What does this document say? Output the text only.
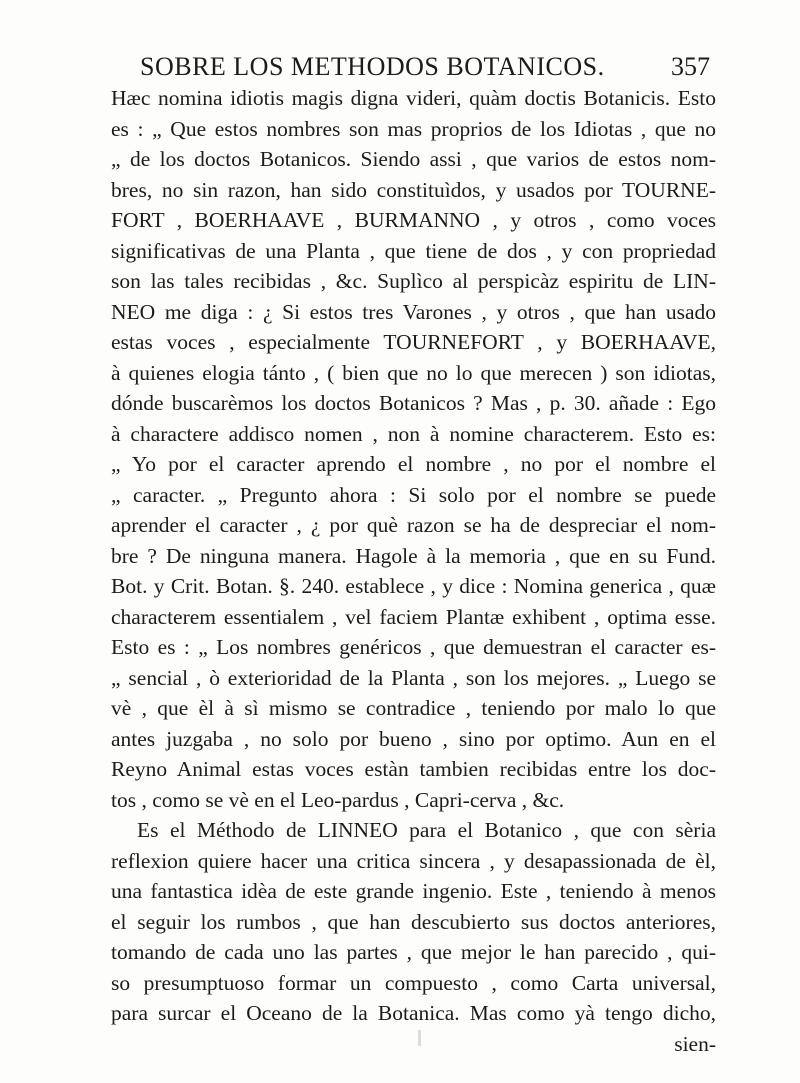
SOBRE LOS METHODOS BOTANICOS.	357
Hæc nomina idiotis magis digna videri, quàm doctis Botanicis. Esto
es : „ Que estos nombres son mas proprios de los Idiotas , que no
„ de los doctos Botanicos. Siendo assi , que varios de estos nom-
bres, no sin razon, han sido constituìdos, y usados por TOURNE-
FORT , BOERHAAVE , BURMANNO , y otros , como voces
significativas de una Planta , que tiene de dos , y con propriedad
son las tales recibidas , &c. Suplìco al perspicàz espiritu de LIN-
NEO me diga : ¿ Si estos tres Varones , y otros , que han usado
estas voces , especialmente TOURNEFORT , y BOERHAAVE,
à quienes elogia tánto , ( bien que no lo que merecen ) son idiotas,
dónde buscarèmos los doctos Botanicos ? Mas , p. 30. añade : Ego
à charactere addisco nomen , non à nomine characterem. Esto es:
„ Yo por el caracter aprendo el nombre , no por el nombre el
„ caracter. „ Pregunto ahora : Si solo por el nombre se puede
aprender el caracter , ¿ por què razon se ha de despreciar el nom-
bre ? De ninguna manera. Hagole à la memoria , que en su Fund.
Bot. y Crit. Botan. §. 240. establece , y dice : Nomina generica , quæ
characterem essentialem , vel faciem Plantæ exhibent , optima esse.
Esto es : „ Los nombres genéricos , que demuestran el caracter es-
„ sencial , ò exterioridad de la Planta , son los mejores. „ Luego se
vè , que èl à sì mismo se contradice , teniendo por malo lo que
antes juzgaba , no solo por bueno , sino por optimo. Aun en el
Reyno Animal estas voces estàn tambien recibidas entre los doc-
tos , como se vè en el Leo-pardus , Capri-cerva , &c.
Es el Méthodo de LINNEO para el Botanico , que con sèria
reflexion quiere hacer una critica sincera , y desapassionada de èl,
una fantastica idèa de este grande ingenio. Este , teniendo à menos
el seguir los rumbos , que han descubierto sus doctos anteriores,
tomando de cada uno las partes , que mejor le han parecido , qui-
so presumptuoso formar un compuesto , como Carta universal,
para surcar el Oceano de la Botanica. Mas como yà tengo dicho,
sien-
